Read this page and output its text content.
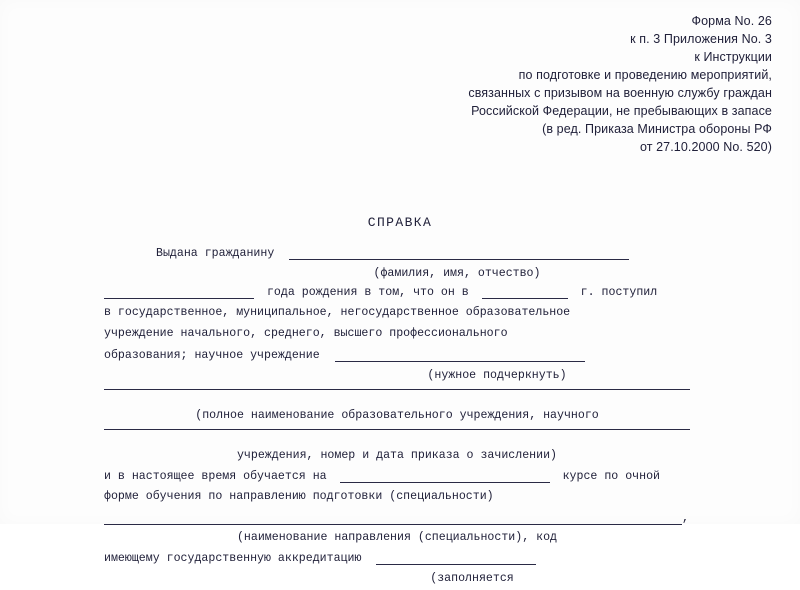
Форма No. 26
к п. 3 Приложения No. 3
к Инструкции
по подготовке и проведению мероприятий,
связанных с призывом на военную службу граждан
Российской Федерации, не пребывающих в запасе
(в ред. Приказа Министра обороны РФ
от 27.10.2000 No. 520)
СПРАВКА
Выдана гражданину
(фамилия, имя, отчество)
года рождения в том, что он в	г. поступил
в государственное, муниципальное, негосударственное образовательное
учреждение начального, среднего, высшего профессионального
образования; научное учреждение
(нужное подчеркнуть)
(полное наименование образовательного учреждения, научного
учреждения, номер и дата приказа о зачислении)
и в настоящее время обучается на	курсе по очной
форме обучения по направлению подготовки (специальности)
,
(наименование направления (специальности), код
имеющему государственную аккредитацию
(заполняется
